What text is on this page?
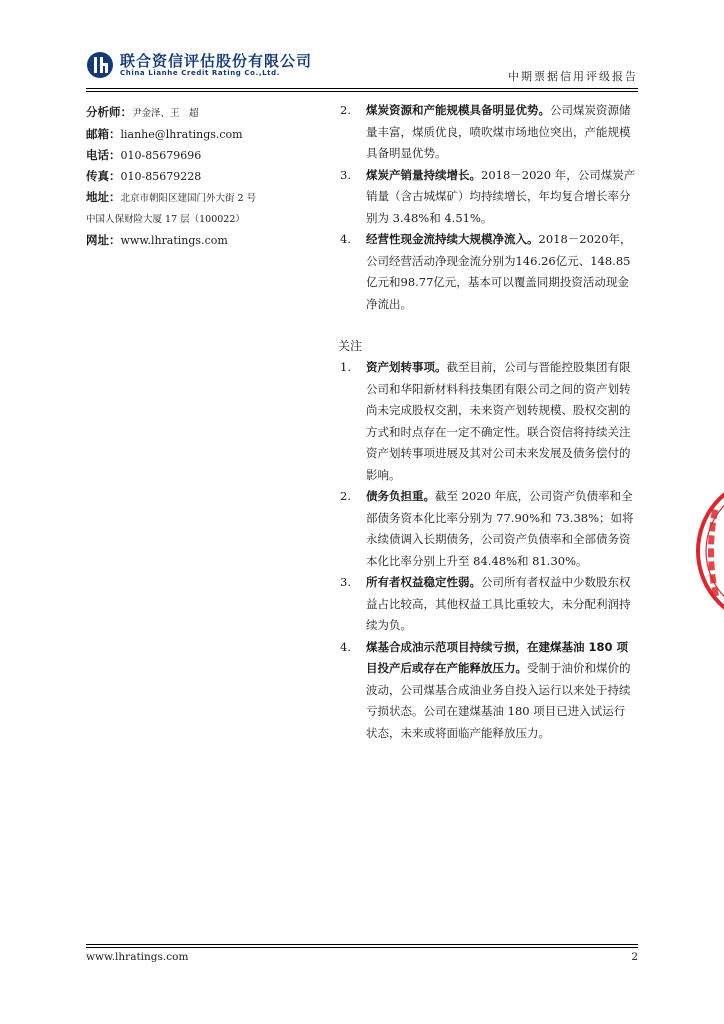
联合资信评估股份有限公司
China Lianhe Credit Rating Co.,Ltd.	中期票据信用评级报告
分析师：尹金泽、王　超
邮箱：lianhe@lhratings.com
电话：010-85679696
传真：010-85679228
地址：北京市朝阳区建国门外大街 2 号
中国人保财险大厦 17 层（100022）
网址：www.lhratings.com
2. 煤炭资源和产能规模具备明显优势。公司煤炭资源储量丰富，煤质优良，喷吹煤市场地位突出，产能规模具备明显优势。
3. 煤炭产销量持续增长。2018－2020 年，公司煤炭产销量（含古城煤矿）均持续增长，年均复合增长率分别为 3.48%和 4.51%。
4. 经营性现金流持续大规模净流入。2018－2020年，公司经营活动净现金流分别为146.26亿元、148.85亿元和98.77亿元，基本可以覆盖同期投资活动现金净流出。
关注
1. 资产划转事项。截至目前，公司与晋能控股集团有限公司和华阳新材料科技集团有限公司之间的资产划转尚未完成股权交割，未来资产划转规模、股权交割的方式和时点存在一定不确定性。联合资信将持续关注资产划转事项进展及其对公司未来发展及债务偿付的影响。
2. 债务负担重。截至 2020 年底，公司资产负债率和全部债务资本化比率分别为 77.90%和 73.38%；如将永续债调入长期债务，公司资产负债率和全部债务资本化比率分别上升至 84.48%和 81.30%。
3. 所有者权益稳定性弱。公司所有者权益中少数股东权益占比较高，其他权益工具比重较大，未分配利润持续为负。
4. 煤基合成油示范项目持续亏损，在建煤基油 180 项目投产后或存在产能释放压力。受制于油价和煤价的波动，公司煤基合成油业务自投入运行以来处于持续亏损状态。公司在建煤基油 180 项目已进入试运行状态，未来或将面临产能释放压力。
www.lhratings.com	2
